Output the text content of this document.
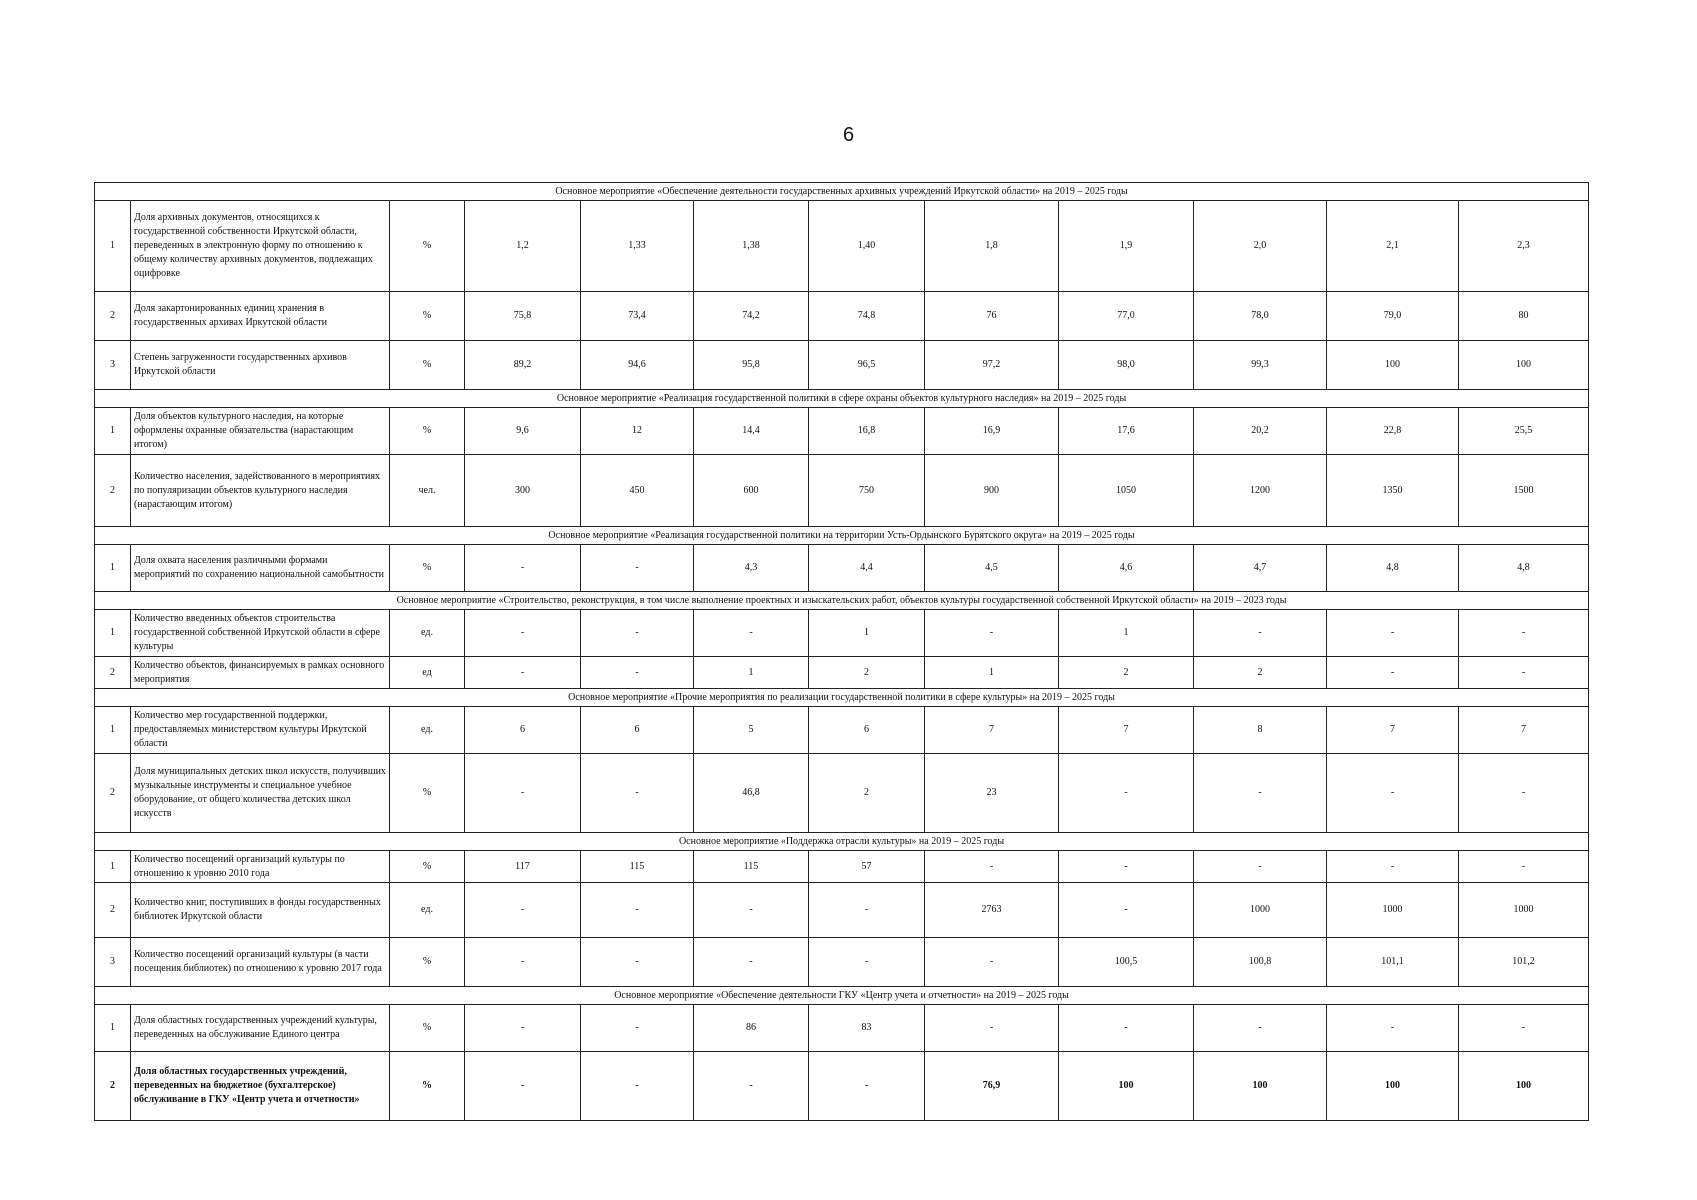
6
Основное мероприятие «Обеспечение деятельности государственных архивных учреждений Иркутской области» на 2019 – 2025 годы											
1	Доля архивных документов, относящихся к государственной собственности Иркутской области, переведенных в электронную форму по отношению к общему количеству архивных документов, подлежащих оцифровке	%	1,2	1,33	1,38	1,40	1,8	1,9	2,0	2,1	2,3
2	Доля закартонированных единиц хранения в государственных архивах Иркутской области	%	75,8	73,4	74,2	74,8	76	77,0	78,0	79,0	80
3	Степень загруженности государственных архивов Иркутской области	%	89,2	94,6	95,8	96,5	97,2	98,0	99,3	100	100
Основное мероприятие «Реализация государственной политики в сфере охраны объектов культурного наследия» на 2019 – 2025 годы											
1	Доля объектов культурного наследия, на которые оформлены охранные обязательства (нарастающим итогом)	%	9,6	12	14,4	16,8	16,9	17,6	20,2	22,8	25,5
2	Количество населения, задействованного в мероприятиях по популяризации объектов культурного наследия (нарастающим итогом)	чел.	300	450	600	750	900	1050	1200	1350	1500
Основное мероприятие «Реализация государственной политики на территории Усть-Ордынского Бурятского округа» на 2019 – 2025 годы											
1	Доля охвата населения различными формами мероприятий по сохранению национальной самобытности	%	-	-	4,3	4,4	4,5	4,6	4,7	4,8	4,8
Основное мероприятие «Строительство, реконструкция, в том числе выполнение проектных и изыскательских работ, объектов культуры государственной собственной Иркутской области» на 2019 – 2023 годы											
1	Количество введенных объектов строительства государственной собственной Иркутской области в сфере культуры	ед.	-	-	-	1	-	1	-	-	-
2	Количество объектов, финансируемых в рамках основного мероприятия	ед	-	-	1	2	1	2	2	-	-
Основное мероприятие «Прочие мероприятия по реализации государственной политики в сфере культуры» на 2019 – 2025 годы											
1	Количество мер государственной поддержки, предоставляемых министерством культуры Иркутской области	ед.	6	6	5	6	7	7	8	7	7
2	Доля муниципальных детских школ искусств, получивших музыкальные инструменты и специальное учебное оборудование, от общего количества детских школ искусств	%	-	-	46,8	2	23	-	-	-	-
Основное мероприятие «Поддержка отрасли культуры» на 2019 – 2025 годы											
1	Количество посещений организаций культуры по отношению к уровню 2010 года	%	117	115	115	57	-	-	-	-	-
2	Количество книг, поступивших в фонды государственных библиотек Иркутской области	ед.	-	-	-	-	2763	-	1000	1000	1000
3	Количество посещений организаций культуры (в части посещения библиотек) по отношению к уровню 2017 года	%	-	-	-	-	-	100,5	100,8	101,1	101,2
Основное мероприятие «Обеспечение деятельности ГКУ «Центр учета и отчетности» на 2019 – 2025 годы											
1	Доля областных государственных учреждений культуры, переведенных на обслуживание Единого центра	%	-	-	86	83	-	-	-	-	-
2	Доля областных государственных учреждений, переведенных на бюджетное (бухгалтерское) обслуживание в ГКУ «Центр учета и отчетности»	%	-	-	-	-	76,9	100	100	100	100
